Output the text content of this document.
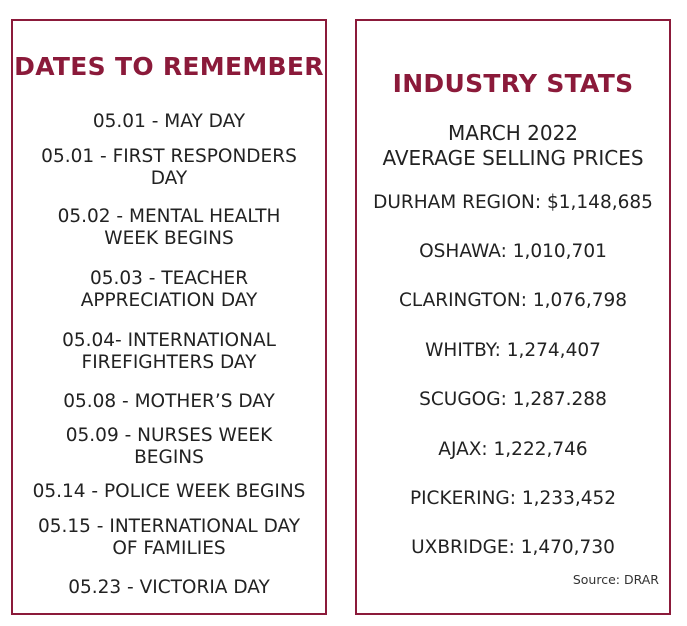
DATES TO REMEMBER
05.01 - MAY DAY
05.01 - FIRST RESPONDERS
DAY
05.02 - MENTAL HEALTH
WEEK BEGINS
05.03 - TEACHER
APPRECIATION DAY
05.04- INTERNATIONAL
FIREFIGHTERS DAY
05.08 - MOTHER’S DAY
05.09 - NURSES WEEK
BEGINS
05.14 - POLICE WEEK BEGINS
05.15 - INTERNATIONAL DAY
OF FAMILIES
05.23 - VICTORIA DAY
INDUSTRY STATS
MARCH 2022
AVERAGE SELLING PRICES
DURHAM REGION: $1,148,685
OSHAWA: 1,010,701
CLARINGTON: 1,076,798
WHITBY: 1,274,407
SCUGOG: 1,287.288
AJAX: 1,222,746
PICKERING: 1,233,452
UXBRIDGE: 1,470,730
Source: DRAR
